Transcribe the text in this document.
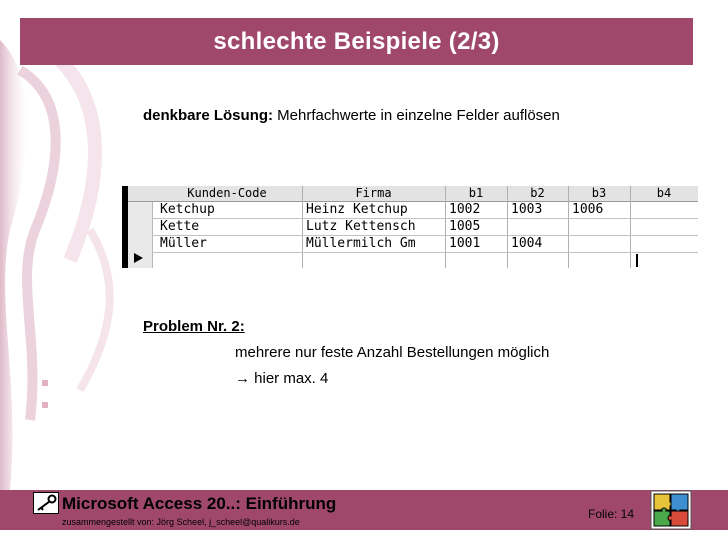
schlechte Beispiele (2/3)
denkbare Lösung: Mehrfachwerte in einzelne Felder auflösen
Kunden-Code	Firma	b1	b2	b3	b4
Ketchup	Heinz Ketchup	1002	1003	1006
Kette	Lutz Kettensch	1005
Müller	Müllermilch Gm	1001	1004
Problem Nr. 2:
mehrere nur feste Anzahl Bestellungen möglich
→ hier max. 4
Microsoft Access 20..: Einführung
zusammengestellt von: Jörg Scheel, j_scheel@qualikurs.de
Folie: 14
